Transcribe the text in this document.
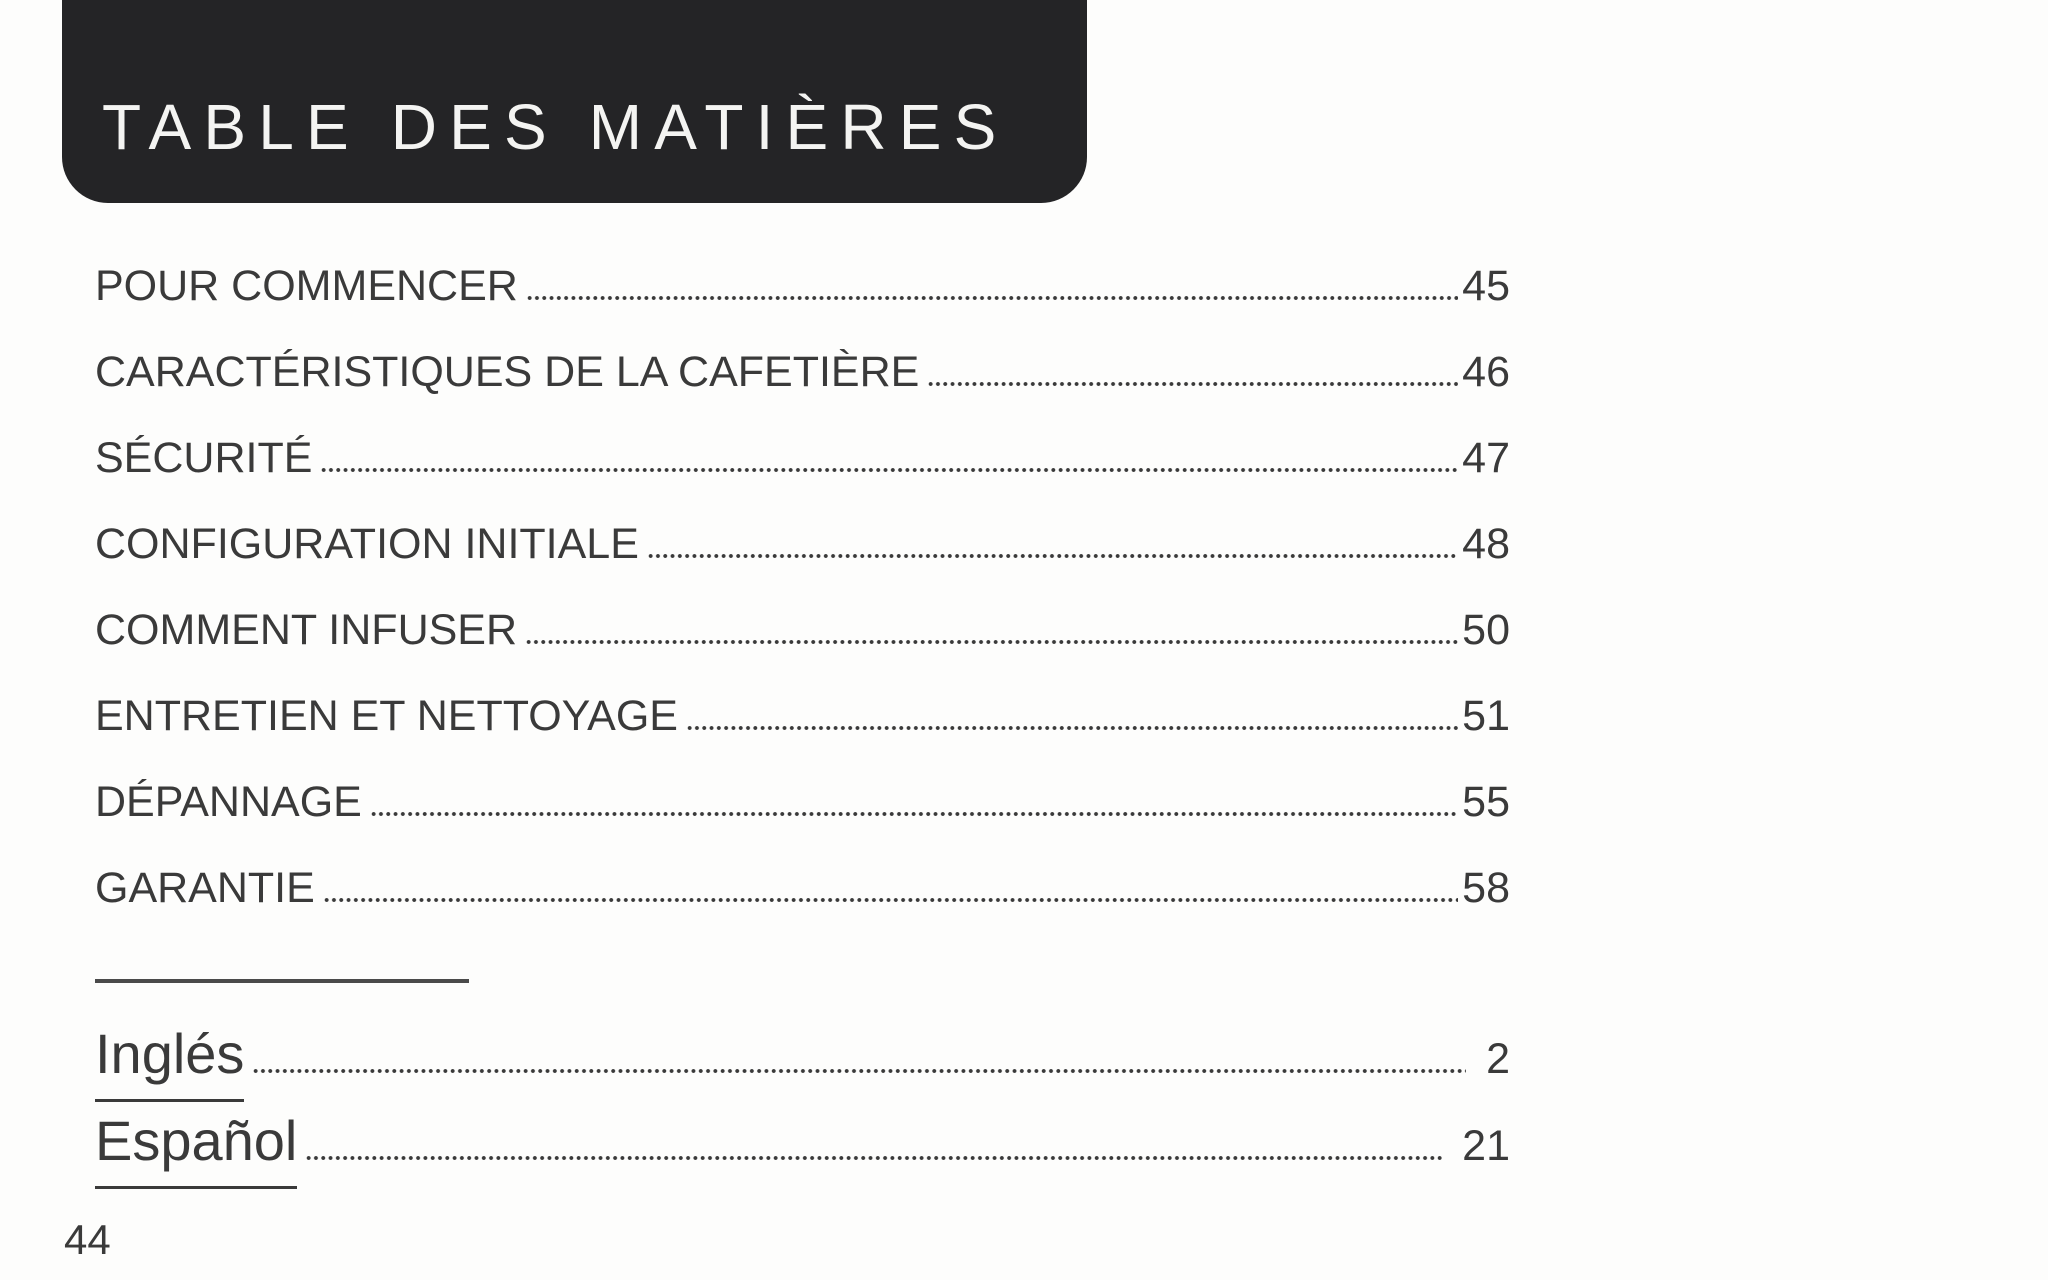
TABLE DES MATIÈRES
POUR COMMENCER	45
CARACTÉRISTIQUES DE LA CAFETIÈRE	46
SÉCURITÉ	47
CONFIGURATION INITIALE	48
COMMENT INFUSER	50
ENTRETIEN ET NETTOYAGE	51
DÉPANNAGE	55
GARANTIE	58
Inglés	2
Español	21
44
